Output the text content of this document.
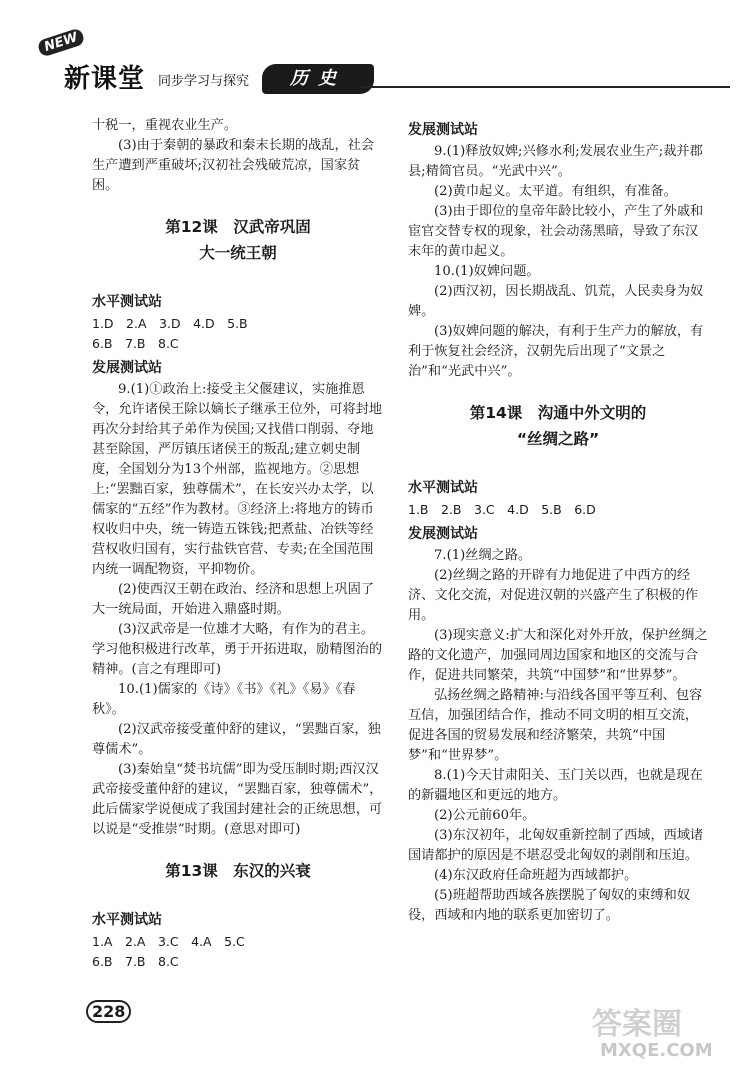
NEW
新课堂 同步学习与探究	历史

十税一，重视农业生产。

(3)由于秦朝的暴政和秦末长期的战乱，社会生产遭到严重破坏;汉初社会残破荒凉，国家贫困。

第12课　汉武帝巩固
大一统王朝
水平测试站

1.D　2.A　3.D　4.D　5.B

6.B　7.B　8.C

发展测试站

9.(1)①政治上:接受主父偃建议，实施推恩令，允许诸侯王除以嫡长子继承王位外，可将封地再次分封给其子弟作为侯国;又找借口削弱、夺地甚至除国，严厉镇压诸侯王的叛乱;建立刺史制度，全国划分为13个州部，监视地方。②思想上:“罢黜百家，独尊儒术”，在长安兴办太学，以儒家的“五经”作为教材。③经济上:将地方的铸币权收归中央，统一铸造五铢钱;把煮盐、冶铁等经营权收归国有，实行盐铁官营、专卖;在全国范围内统一调配物资，平抑物价。

(2)使西汉王朝在政治、经济和思想上巩固了大一统局面，开始进入鼎盛时期。

(3)汉武帝是一位雄才大略，有作为的君主。学习他积极进行改革，勇于开拓进取，励精图治的精神。(言之有理即可)

10.(1)儒家的《诗》《书》《礼》《易》《春秋》。

(2)汉武帝接受董仲舒的建议，“罢黜百家，独尊儒术”。

(3)秦始皇“焚书坑儒”即为受压制时期;西汉汉武帝接受董仲舒的建议，“罢黜百家，独尊儒术”，此后儒家学说便成了我国封建社会的正统思想，可以说是“受推崇”时期。(意思对即可)

第13课　东汉的兴衰
水平测试站

1.A　2.A　3.C　4.A　5.C

6.B　7.B　8.C

发展测试站

9.(1)释放奴婢;兴修水利;发展农业生产;裁并郡县;精简官员。“光武中兴”。

(2)黄巾起义。太平道。有组织，有准备。

(3)由于即位的皇帝年龄比较小，产生了外戚和宦官交替专权的现象，社会动荡黑暗，导致了东汉末年的黄巾起义。

10.(1)奴婢问题。

(2)西汉初，因长期战乱、饥荒，人民卖身为奴婢。

(3)奴婢问题的解决，有利于生产力的解放，有利于恢复社会经济，汉朝先后出现了“文景之治”和“光武中兴”。

第14课　沟通中外文明的
“丝绸之路”
水平测试站

1.B　2.B　3.C　4.D　5.B　6.D

发展测试站

7.(1)丝绸之路。

(2)丝绸之路的开辟有力地促进了中西方的经济、文化交流，对促进汉朝的兴盛产生了积极的作用。

(3)现实意义:扩大和深化对外开放，保护丝绸之路的文化遗产，加强同周边国家和地区的交流与合作，促进共同繁荣，共筑“中国梦”和“世界梦”。

弘扬丝绸之路精神:与沿线各国平等互利、包容互信，加强团结合作，推动不同文明的相互交流，促进各国的贸易发展和经济繁荣，共筑“中国梦”和“世界梦”。

8.(1)今天甘肃阳关、玉门关以西，也就是现在的新疆地区和更远的地方。

(2)公元前60年。

(3)东汉初年，北匈奴重新控制了西域，西域诸国请都护的原因是不堪忍受北匈奴的剥削和压迫。

(4)东汉政府任命班超为西域都护。

(5)班超帮助西域各族摆脱了匈奴的束缚和奴役，西域和内地的联系更加密切了。

228	答案圈
MXQE.COM
